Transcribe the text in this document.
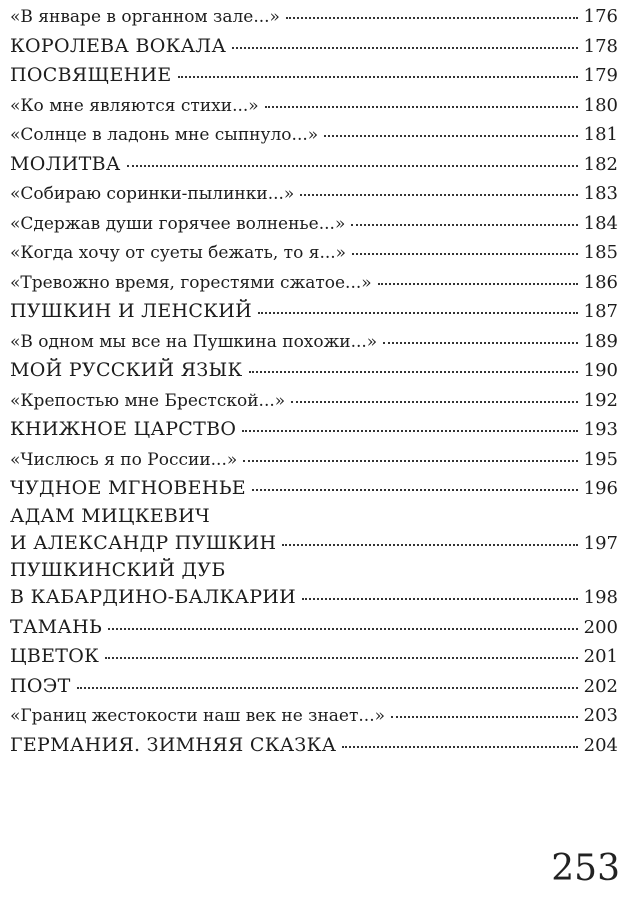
«В январе в органном зале...»	176
КОРОЛЕВА ВОКАЛА	178
ПОСВЯЩЕНИЕ	179
«Ко мне являются стихи...»	180
«Солнце в ладонь мне сыпнуло...»	181
МОЛИТВА	182
«Собираю соринки-пылинки...»	183
«Сдержав души горячее волненье...»	184
«Когда хочу от суеты бежать, то я...»	185
«Тревожно время, горестями сжатое...»	186
ПУШКИН И ЛЕНСКИЙ	187
«В одном мы все на Пушкина похожи...»	189
МОЙ РУССКИЙ ЯЗЫК	190
«Крепостью мне Брестской...»	192
КНИЖНОЕ ЦАРСТВО	193
«Числюсь я по России...»	195
ЧУДНОЕ МГНОВЕНЬЕ	196
АДАМ МИЦКЕВИЧ
И АЛЕКСАНДР ПУШКИН	197
ПУШКИНСКИЙ ДУБ
В КАБАРДИНО-БАЛКАРИИ	198
ТАМАНЬ	200
ЦВЕТОК	201
ПОЭТ	202
«Границ жестокости наш век не знает...»	203
ГЕРМАНИЯ. ЗИМНЯЯ СКАЗКА	204
253
